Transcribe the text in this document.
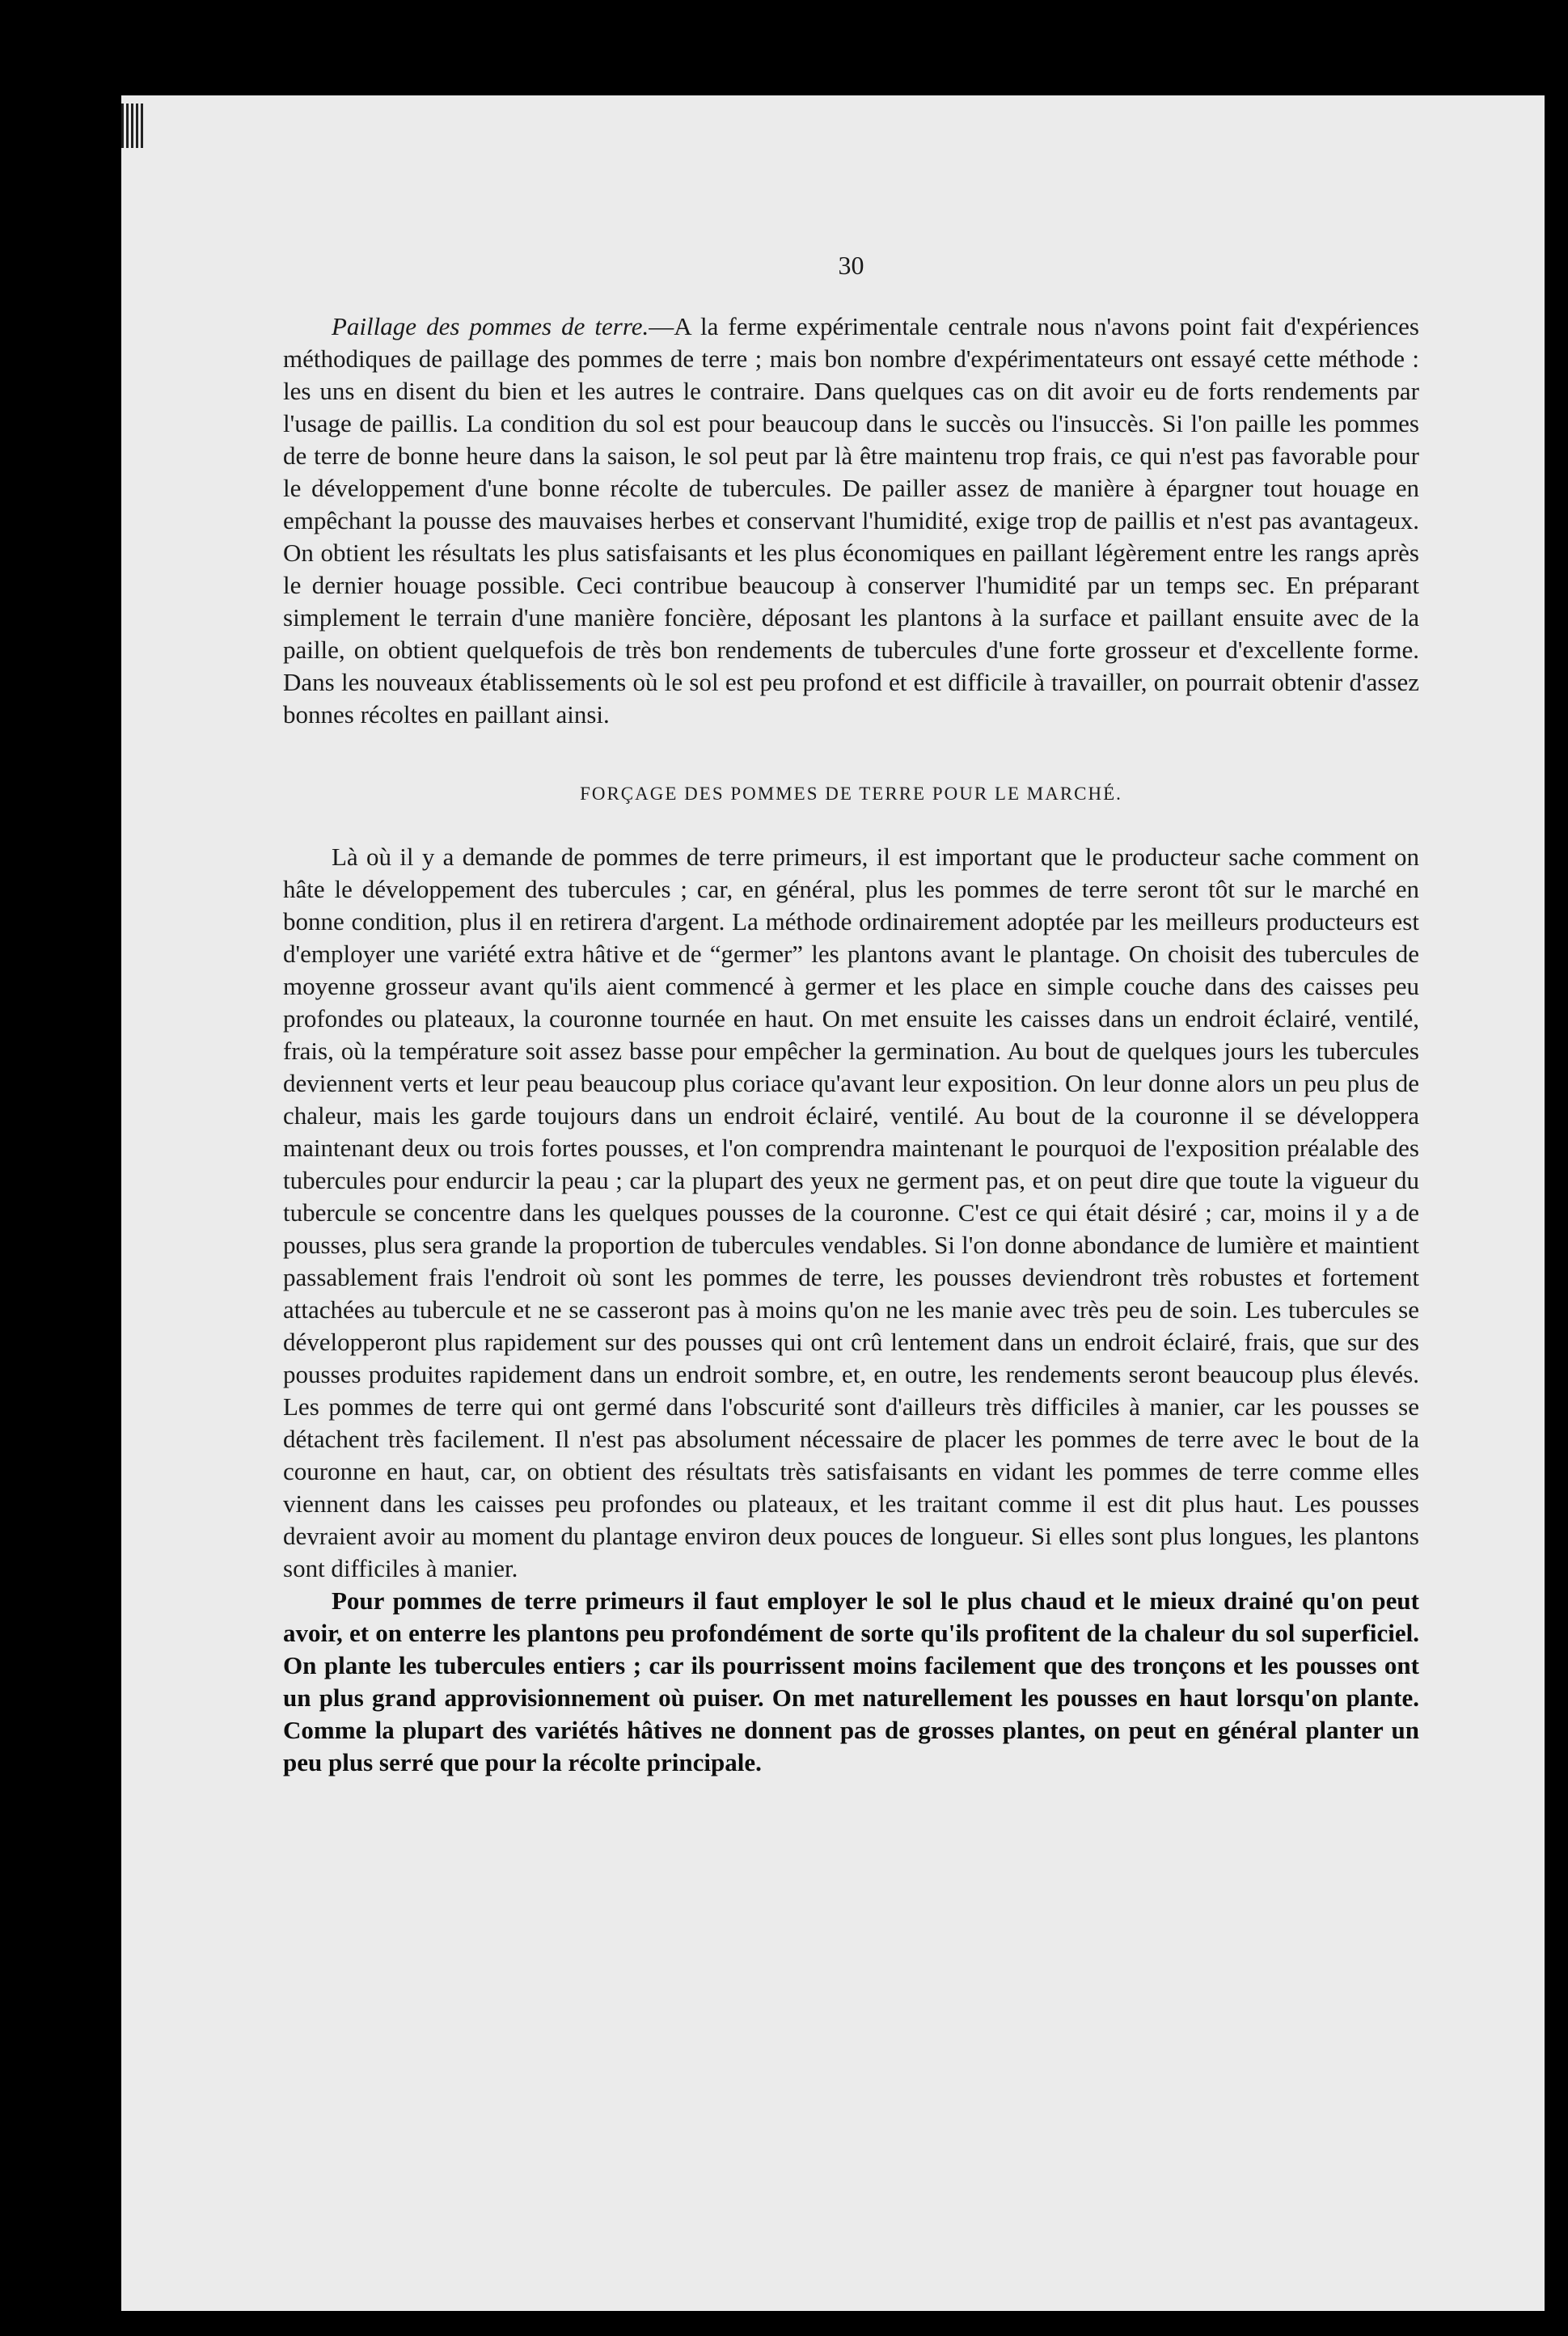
30

Paillage des pommes de terre.—A la ferme expérimentale centrale nous n'avons point fait d'expériences méthodiques de paillage des pommes de terre ; mais bon nombre d'expérimentateurs ont essayé cette méthode : les uns en disent du bien et les autres le contraire. Dans quelques cas on dit avoir eu de forts rendements par l'usage de paillis. La condition du sol est pour beaucoup dans le succès ou l'insuccès. Si l'on paille les pommes de terre de bonne heure dans la saison, le sol peut par là être maintenu trop frais, ce qui n'est pas favorable pour le développement d'une bonne récolte de tubercules. De pailler assez de manière à épargner tout houage en empêchant la pousse des mauvaises herbes et conservant l'humidité, exige trop de paillis et n'est pas avantageux. On obtient les résultats les plus satisfaisants et les plus économiques en paillant légèrement entre les rangs après le dernier houage possible. Ceci contribue beaucoup à conserver l'humidité par un temps sec. En préparant simplement le terrain d'une manière foncière, déposant les plantons à la surface et paillant ensuite avec de la paille, on obtient quelquefois de très bon rendements de tubercules d'une forte grosseur et d'excellente forme. Dans les nouveaux établissements où le sol est peu profond et est difficile à travailler, on pourrait obtenir d'assez bonnes récoltes en paillant ainsi.

FORÇAGE DES POMMES DE TERRE POUR LE MARCHÉ.

Là où il y a demande de pommes de terre primeurs, il est important que le producteur sache comment on hâte le développement des tubercules ; car, en général, plus les pommes de terre seront tôt sur le marché en bonne condition, plus il en retirera d'argent. La méthode ordinairement adoptée par les meilleurs producteurs est d'employer une variété extra hâtive et de “germer” les plantons avant le plantage. On choisit des tubercules de moyenne grosseur avant qu'ils aient commencé à germer et les place en simple couche dans des caisses peu profondes ou plateaux, la couronne tournée en haut. On met ensuite les caisses dans un endroit éclairé, ventilé, frais, où la température soit assez basse pour empêcher la germination. Au bout de quelques jours les tubercules deviennent verts et leur peau beaucoup plus coriace qu'avant leur exposition. On leur donne alors un peu plus de chaleur, mais les garde toujours dans un endroit éclairé, ventilé. Au bout de la couronne il se développera maintenant deux ou trois fortes pousses, et l'on comprendra maintenant le pourquoi de l'exposition préalable des tubercules pour endurcir la peau ; car la plupart des yeux ne germent pas, et on peut dire que toute la vigueur du tubercule se concentre dans les quelques pousses de la couronne. C'est ce qui était désiré ; car, moins il y a de pousses, plus sera grande la proportion de tubercules vendables. Si l'on donne abondance de lumière et maintient passablement frais l'endroit où sont les pommes de terre, les pousses deviendront très robustes et fortement attachées au tubercule et ne se casseront pas à moins qu'on ne les manie avec très peu de soin. Les tubercules se développeront plus rapidement sur des pousses qui ont crû lentement dans un endroit éclairé, frais, que sur des pousses produites rapidement dans un endroit sombre, et, en outre, les rendements seront beaucoup plus élevés. Les pommes de terre qui ont germé dans l'obscurité sont d'ailleurs très difficiles à manier, car les pousses se détachent très facilement. Il n'est pas absolument nécessaire de placer les pommes de terre avec le bout de la couronne en haut, car, on obtient des résultats très satisfaisants en vidant les pommes de terre comme elles viennent dans les caisses peu profondes ou plateaux, et les traitant comme il est dit plus haut. Les pousses devraient avoir au moment du plantage environ deux pouces de longueur. Si elles sont plus longues, les plantons sont difficiles à manier.

Pour pommes de terre primeurs il faut employer le sol le plus chaud et le mieux drainé qu'on peut avoir, et on enterre les plantons peu profondément de sorte qu'ils profitent de la chaleur du sol superficiel. On plante les tubercules entiers ; car ils pourrissent moins facilement que des tronçons et les pousses ont un plus grand approvisionnement où puiser. On met naturellement les pousses en haut lorsqu'on plante. Comme la plupart des variétés hâtives ne donnent pas de grosses plantes, on peut en général planter un peu plus serré que pour la récolte principale.
